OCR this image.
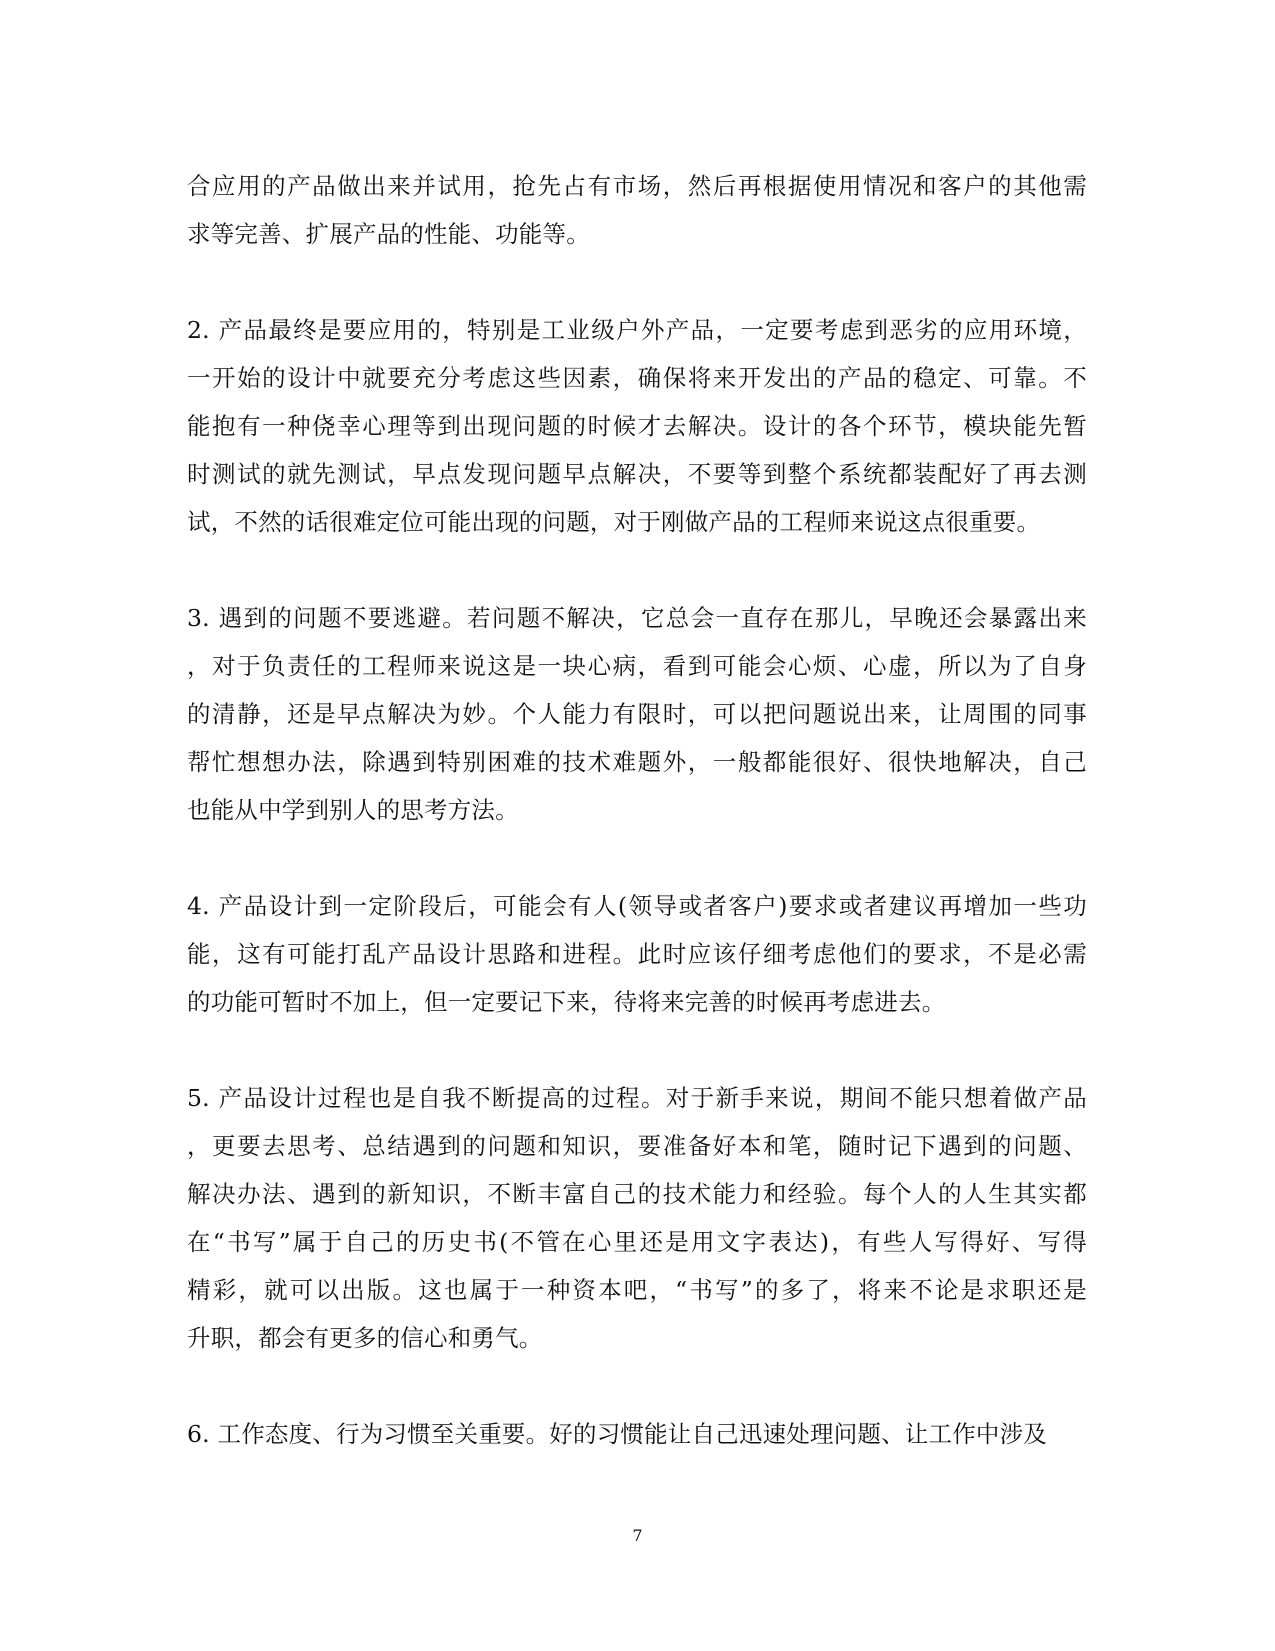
合应用的产品做出来并试用，抢先占有市场，然后再根据使用情况和客户的其他需
求等完善、扩展产品的性能、功能等。
2. 产品最终是要应用的，特别是工业级户外产品，一定要考虑到恶劣的应用环境，
一开始的设计中就要充分考虑这些因素，确保将来开发出的产品的稳定、可靠。不
能抱有一种侥幸心理等到出现问题的时候才去解决。设计的各个环节，模块能先暂
时测试的就先测试，早点发现问题早点解决，不要等到整个系统都装配好了再去测
试，不然的话很难定位可能出现的问题，对于刚做产品的工程师来说这点很重要。
3. 遇到的问题不要逃避。若问题不解决，它总会一直存在那儿，早晚还会暴露出来
，对于负责任的工程师来说这是一块心病，看到可能会心烦、心虚，所以为了自身
的清静，还是早点解决为妙。个人能力有限时，可以把问题说出来，让周围的同事
帮忙想想办法，除遇到特别困难的技术难题外，一般都能很好、很快地解决，自己
也能从中学到别人的思考方法。
4. 产品设计到一定阶段后，可能会有人(领导或者客户)要求或者建议再增加一些功
能，这有可能打乱产品设计思路和进程。此时应该仔细考虑他们的要求，不是必需
的功能可暂时不加上，但一定要记下来，待将来完善的时候再考虑进去。
5. 产品设计过程也是自我不断提高的过程。对于新手来说，期间不能只想着做产品
，更要去思考、总结遇到的问题和知识，要准备好本和笔，随时记下遇到的问题、
解决办法、遇到的新知识，不断丰富自己的技术能力和经验。每个人的人生其实都
在“书写”属于自己的历史书(不管在心里还是用文字表达)，有些人写得好、写得
精彩，就可以出版。这也属于一种资本吧，“书写”的多了，将来不论是求职还是
升职，都会有更多的信心和勇气。
6. 工作态度、行为习惯至关重要。好的习惯能让自己迅速处理问题、让工作中涉及
7
